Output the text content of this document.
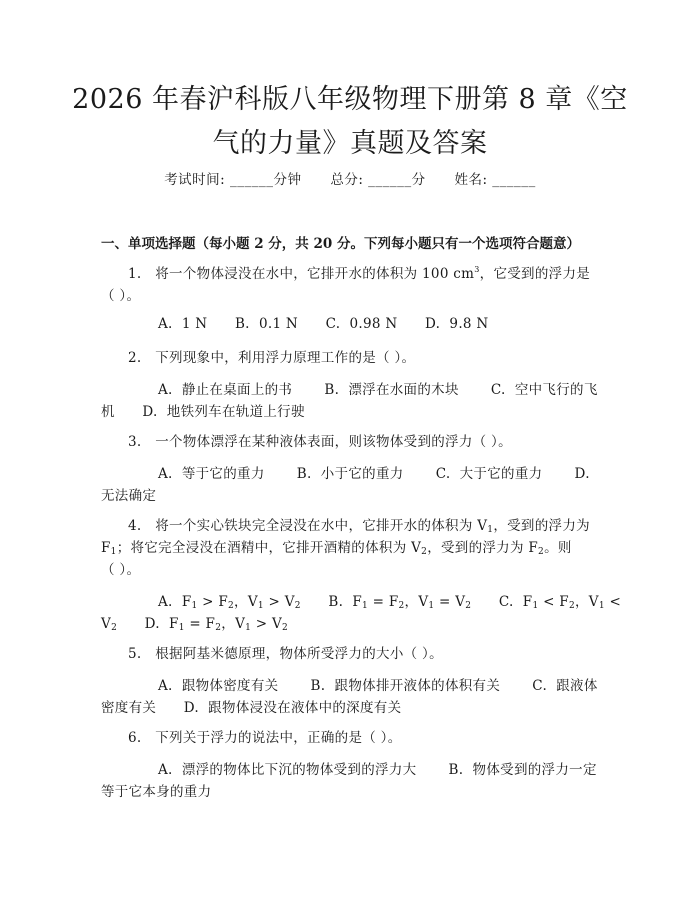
2026 年春沪科版八年级物理下册第 8 章《空
气的力量》真题及答案
考试时间: ______分钟 总分: ______分 姓名: ______
一、单项选择题（每小题 2 分，共 20 分。下列每小题只有一个选项符合题意）
1.   将一个物体浸没在水中，它排开水的体积为 100 $cm^3$，它受到的浮力是
（ ）。
A.  1 N      B.  0.1 N      C.  0.98 N      D.  9.8 N
2.   下列现象中，利用浮力原理工作的是（ ）。
A.  静止在桌面上的书       B.  漂浮在水面的木块       C.  空中飞行的飞
机      D.  地铁列车在轨道上行驶
3.   一个物体漂浮在某种液体表面，则该物体受到的浮力（ ）。
A.  等于它的重力       B.  小于它的重力       C.  大于它的重力       D.
无法确定
4.   将一个实心铁块完全浸没在水中，它排开水的体积为 $V_1$，受到的浮力为
$F_1$；将它完全浸没在酒精中，它排开酒精的体积为 $V_2$，受到的浮力为 $F_2$。则
（ ）。
A.  $F_1 > F_2$，$V_1 > V_2$      B.  $F_1 = F_2$，$V_1 = V_2$      C.  $F_1 < F_2$，$V_1$ <
$V_2$      D.  $F_1 = F_2$，$V_1 > V_2$
5.   根据阿基米德原理，物体所受浮力的大小（ ）。
A.  跟物体密度有关       B.  跟物体排开液体的体积有关       C.  跟液体
密度有关      D.  跟物体浸没在液体中的深度有关
6.   下列关于浮力的说法中，正确的是（ ）。
A.  漂浮的物体比下沉的物体受到的浮力大       B.  物体受到的浮力一定
等于它本身的重力
